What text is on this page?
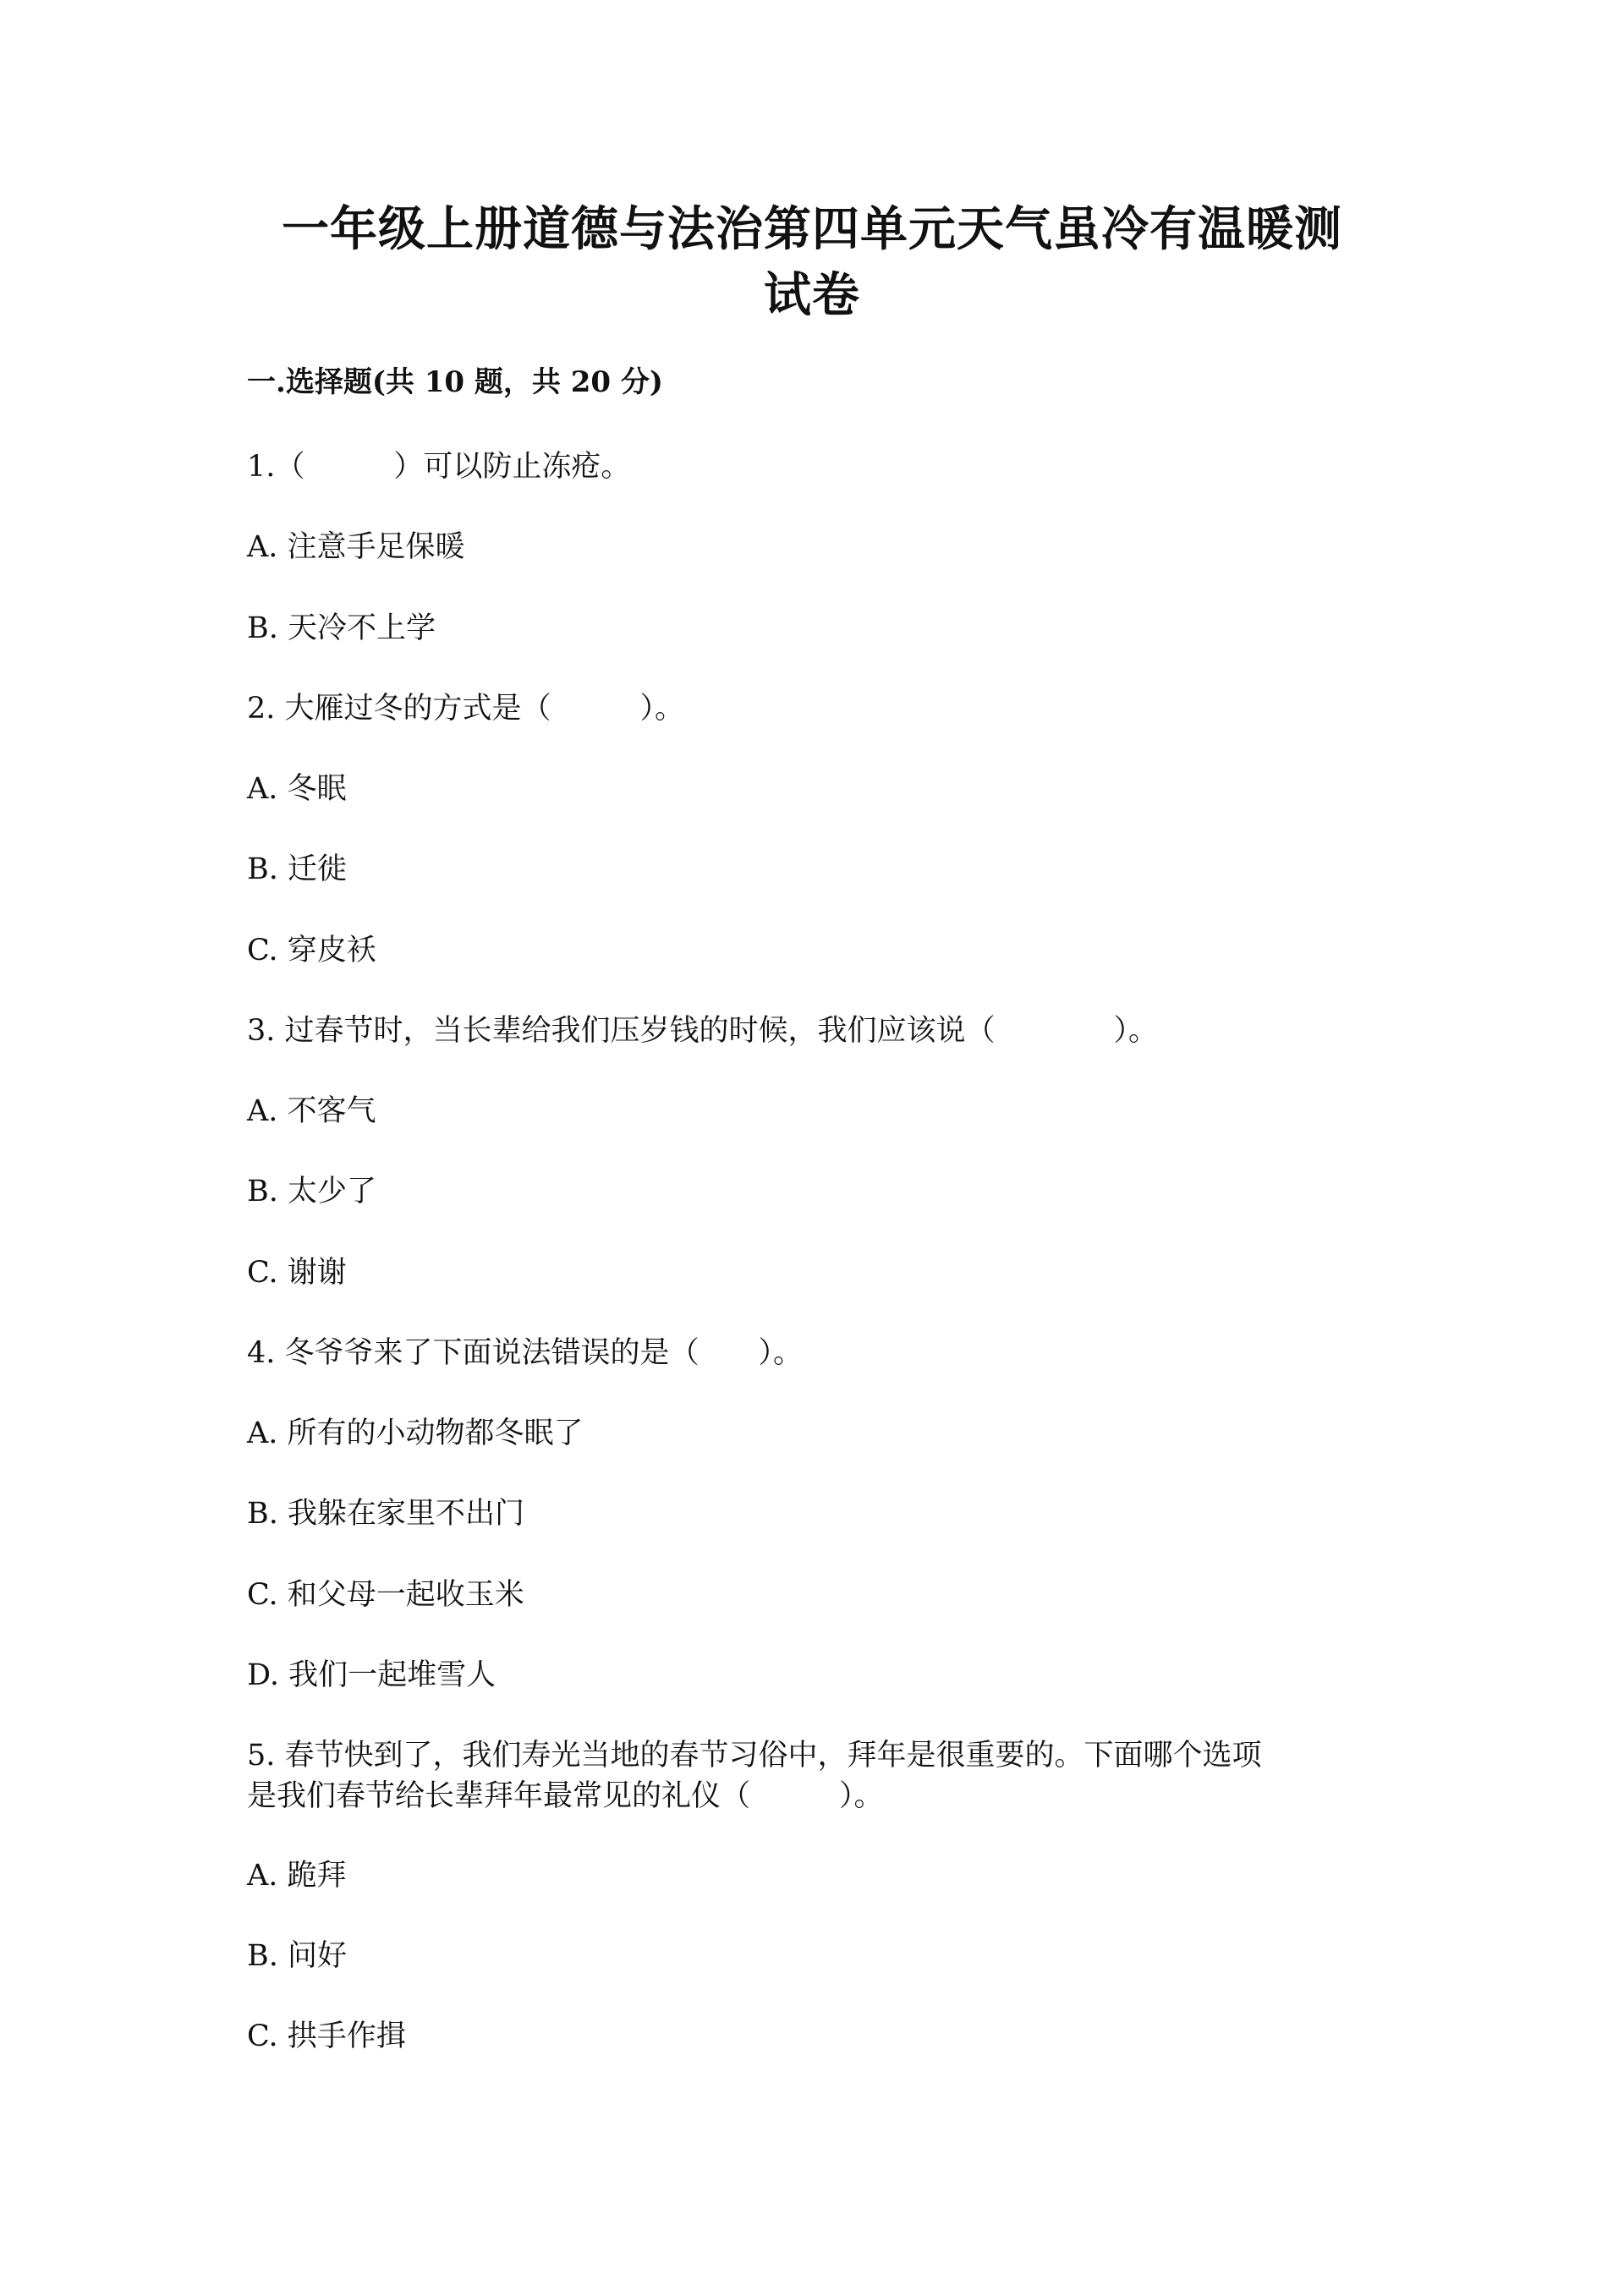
一年级上册道德与法治第四单元天气虽冷有温暖测
试卷
一.选择题(共 10 题，共 20 分)

1.（　　　）可以防止冻疮。

A. 注意手足保暖

B. 天冷不上学

2. 大雁过冬的方式是（　　　）。

A. 冬眠

B. 迁徙

C. 穿皮袄

3. 过春节时，当长辈给我们压岁钱的时候，我们应该说（　　　　）。

A. 不客气

B. 太少了

C. 谢谢

4. 冬爷爷来了下面说法错误的是（　　）。

A. 所有的小动物都冬眠了

B. 我躲在家里不出门

C. 和父母一起收玉米

D. 我们一起堆雪人

5. 春节快到了，我们寿光当地的春节习俗中，拜年是很重要的。下面哪个选项

是我们春节给长辈拜年最常见的礼仪（　　　）。

A. 跪拜

B. 问好

C. 拱手作揖
